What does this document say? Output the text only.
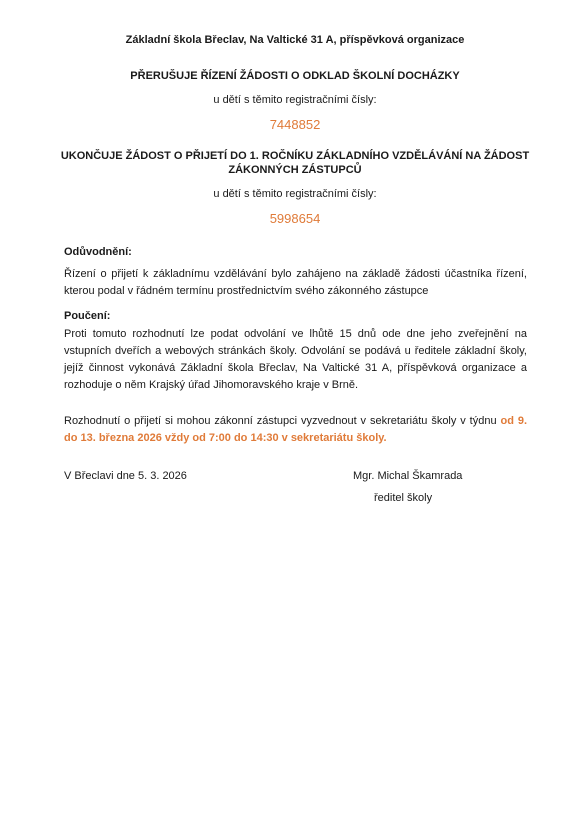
Základní škola Břeclav, Na Valtické 31 A, příspěvková organizace
PŘERUŠUJE ŘÍZENÍ ŽÁDOSTI O ODKLAD ŠKOLNÍ DOCHÁZKY
u dětí s těmito registračními čísly:
7448852
UKONČUJE ŽÁDOST O PŘIJETÍ DO 1. ROČNÍKU ZÁKLADNÍHO VZDĚLÁVÁNÍ NA ŽÁDOST
ZÁKONNÝCH ZÁSTUPCŮ
u dětí s těmito registračními čísly:
5998654
Odůvodnění:
Řízení o přijetí k základnímu vzdělávání bylo zahájeno na základě žádosti účastníka řízení, kterou podal v řádném termínu prostřednictvím svého zákonného zástupce
Poučení:
Proti tomuto rozhodnutí lze podat odvolání ve lhůtě 15 dnů ode dne jeho zveřejnění na vstupních dveřích a webových stránkách školy. Odvolání se podává u ředitele základní školy, jejíž činnost vykonává Základní škola Břeclav, Na Valtické 31 A, příspěvková organizace a rozhoduje o něm Krajský úřad Jihomoravského kraje v Brně.
Rozhodnutí o přijetí si mohou zákonní zástupci vyzvednout v sekretariátu školy v týdnu od 9. do 13. března 2026 vždy od 7:00 do 14:30 v sekretariátu školy.
V Břeclavi dne 5. 3. 2026	Mgr. Michal Škamrada
ředitel školy
